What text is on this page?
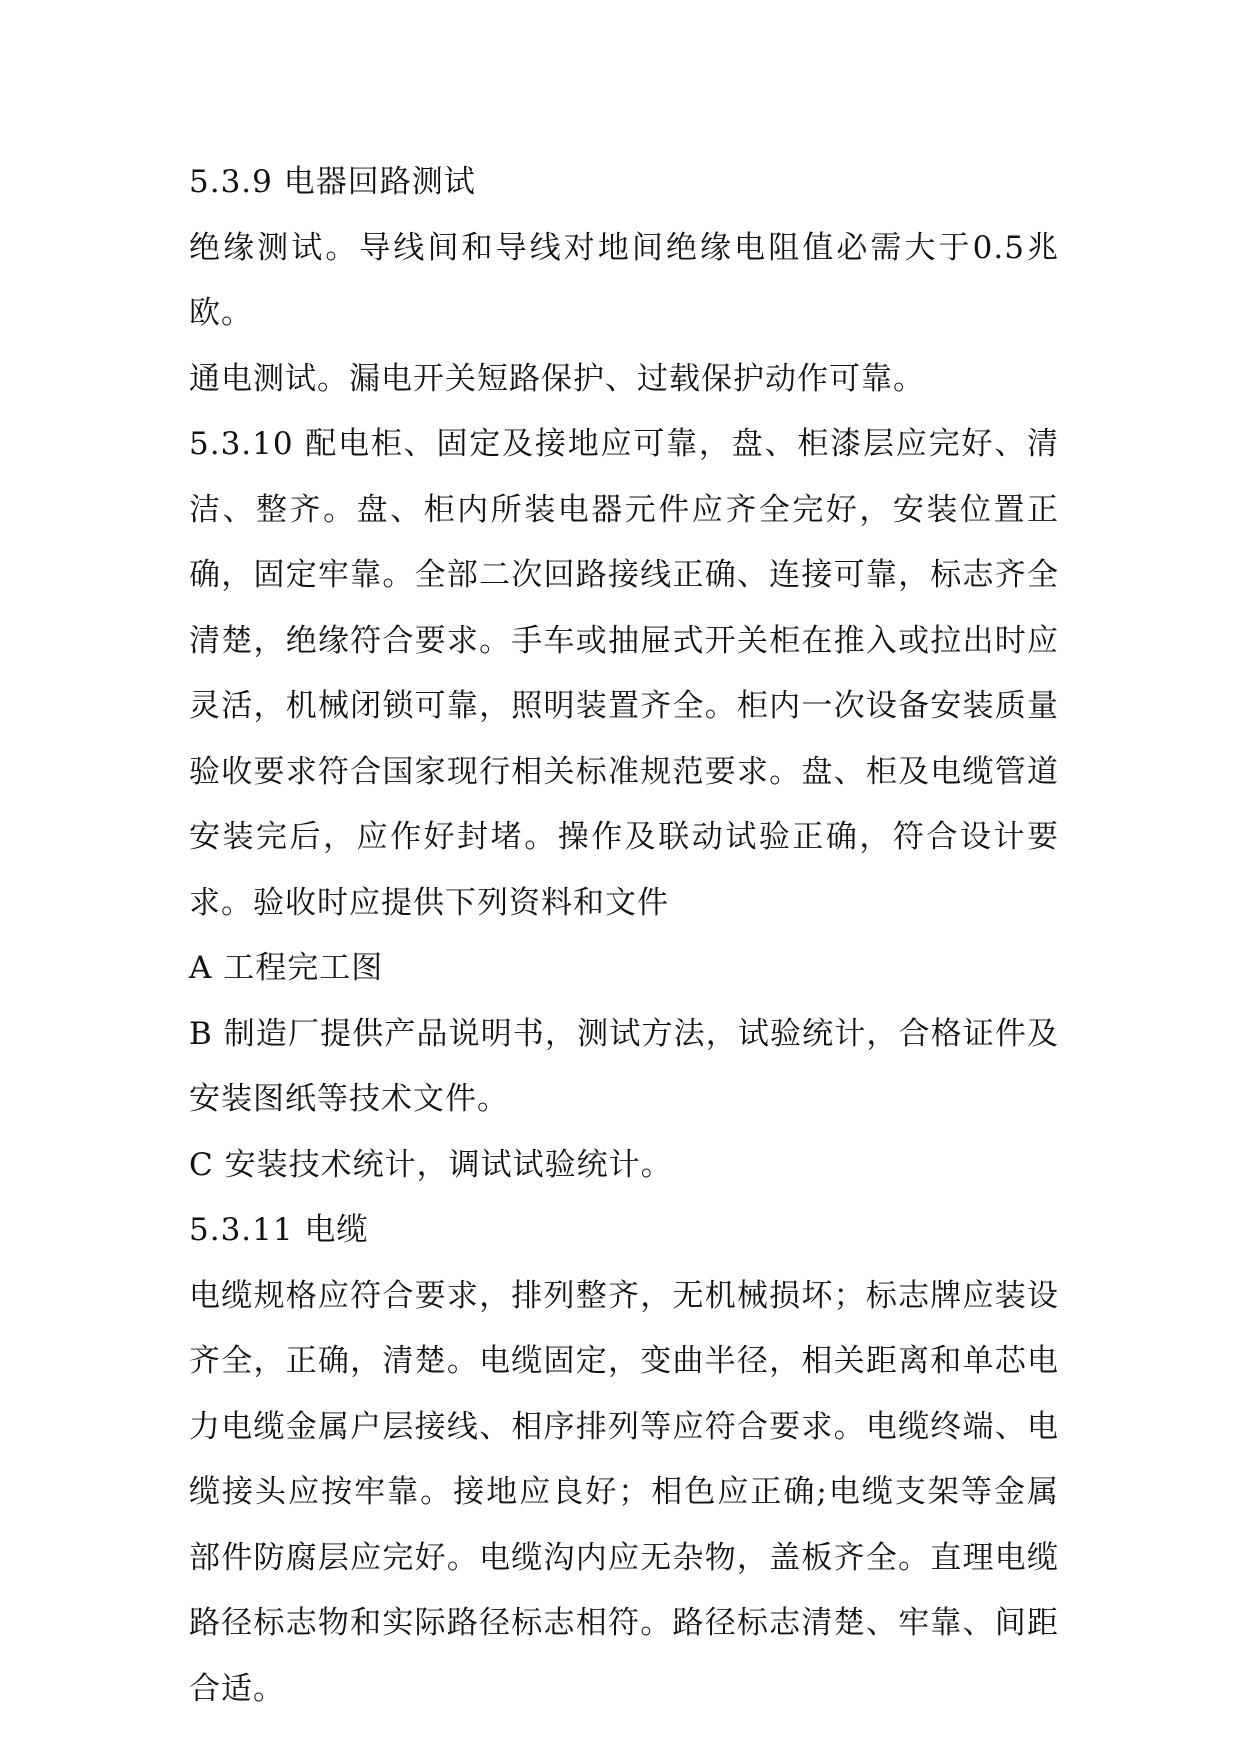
5.3.9 电器回路测试

绝缘测试。导线间和导线对地间绝缘电阻值必需大于0.5兆欧。

通电测试。漏电开关短路保护、过载保护动作可靠。

5.3.10 配电柜、固定及接地应可靠，盘、柜漆层应完好、清洁、整齐。盘、柜内所装电器元件应齐全完好，安装位置正确，固定牢靠。全部二次回路接线正确、连接可靠，标志齐全清楚，绝缘符合要求。手车或抽屉式开关柜在推入或拉出时应灵活，机械闭锁可靠，照明装置齐全。柜内一次设备安装质量验收要求符合国家现行相关标准规范要求。盘、柜及电缆管道安装完后，应作好封堵。操作及联动试验正确，符合设计要求。验收时应提供下列资料和文件

A 工程完工图

B 制造厂提供产品说明书，测试方法，试验统计，合格证件及安装图纸等技术文件。

C 安装技术统计，调试试验统计。

5.3.11 电缆

电缆规格应符合要求，排列整齐，无机械损坏；标志牌应装设齐全，正确，清楚。电缆固定，变曲半径，相关距离和单芯电力电缆金属户层接线、相序排列等应符合要求。电缆终端、电缆接头应按牢靠。接地应良好；相色应正确;电缆支架等金属部件防腐层应完好。电缆沟内应无杂物，盖板齐全。直理电缆路径标志物和实际路径标志相符。路径标志清楚、牢靠、间距合适。
